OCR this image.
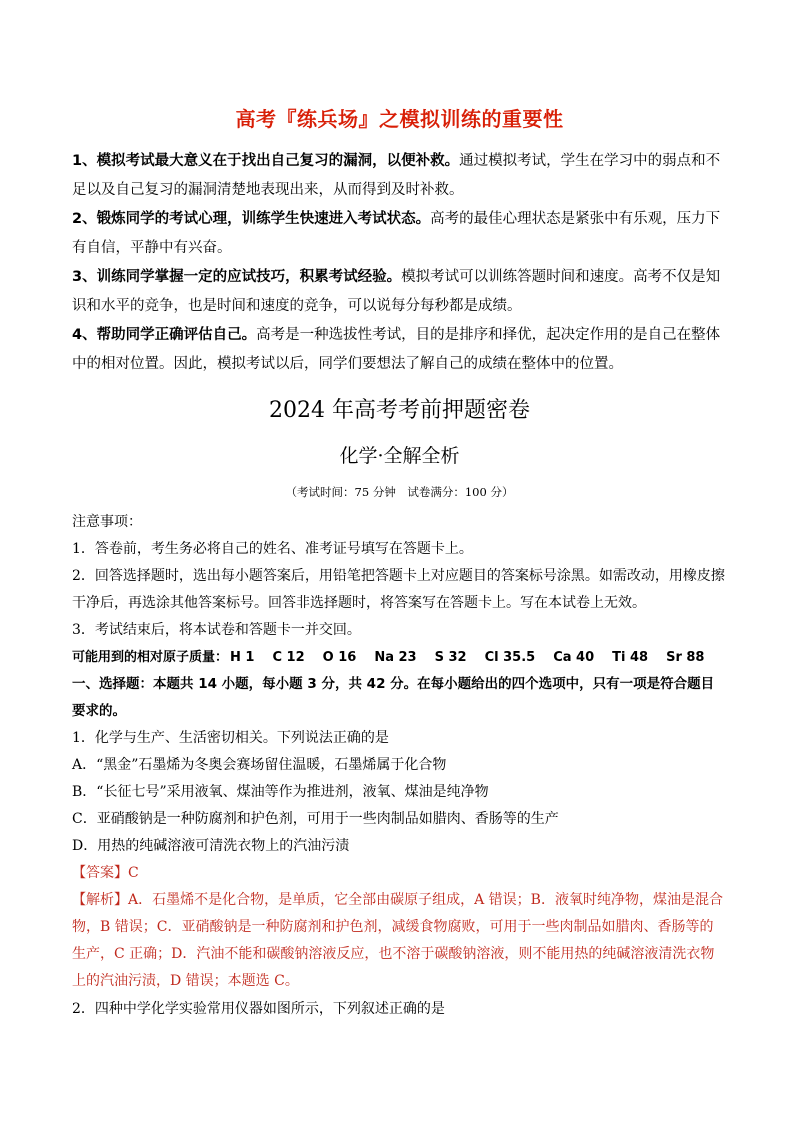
高考『练兵场』之模拟训练的重要性
1、模拟考试最大意义在于找出自己复习的漏洞，以便补救。通过模拟考试，学生在学习中的弱点和不足以及自己复习的漏洞清楚地表现出来，从而得到及时补救。
2、锻炼同学的考试心理，训练学生快速进入考试状态。高考的最佳心理状态是紧张中有乐观，压力下有自信，平静中有兴奋。
3、训练同学掌握一定的应试技巧，积累考试经验。模拟考试可以训练答题时间和速度。高考不仅是知识和水平的竞争，也是时间和速度的竞争，可以说每分每秒都是成绩。
4、帮助同学正确评估自己。高考是一种选拔性考试，目的是排序和择优，起决定作用的是自己在整体中的相对位置。因此，模拟考试以后，同学们要想法了解自己的成绩在整体中的位置。
2024 年高考考前押题密卷
化学·全解全析
（考试时间：75 分钟　试卷满分：100 分）
注意事项：
1．答卷前，考生务必将自己的姓名、准考证号填写在答题卡上。
2．回答选择题时，选出每小题答案后，用铅笔把答题卡上对应题目的答案标号涂黑。如需改动，用橡皮擦干净后，再选涂其他答案标号。回答非选择题时，将答案写在答题卡上。写在本试卷上无效。
3．考试结束后，将本试卷和答题卡一并交回。
可能用到的相对原子质量： H 1 C 12 O 16 Na 23 S 32 Cl 35.5 Ca 40 Ti 48 Sr 88
一、选择题：本题共 14 小题，每小题 3 分，共 42 分。在每小题给出的四个选项中，只有一项是符合题目要求的。
1．化学与生产、生活密切相关。下列说法正确的是
A．“黑金”石墨烯为冬奥会赛场留住温暖，石墨烯属于化合物
B．“长征七号”采用液氧、煤油等作为推进剂，液氧、煤油是纯净物
C．亚硝酸钠是一种防腐剂和护色剂，可用于一些肉制品如腊肉、香肠等的生产
D．用热的纯碱溶液可清洗衣物上的汽油污渍
【答案】C
【解析】A．石墨烯不是化合物，是单质，它全部由碳原子组成，A 错误；B．液氧时纯净物，煤油是混合物，B 错误；C．亚硝酸钠是一种防腐剂和护色剂，减缓食物腐败，可用于一些肉制品如腊肉、香肠等的生产，C 正确；D．汽油不能和碳酸钠溶液反应，也不溶于碳酸钠溶液，则不能用热的纯碱溶液清洗衣物上的汽油污渍，D 错误；本题选 C。
2．四种中学化学实验常用仪器如图所示，下列叙述正确的是
